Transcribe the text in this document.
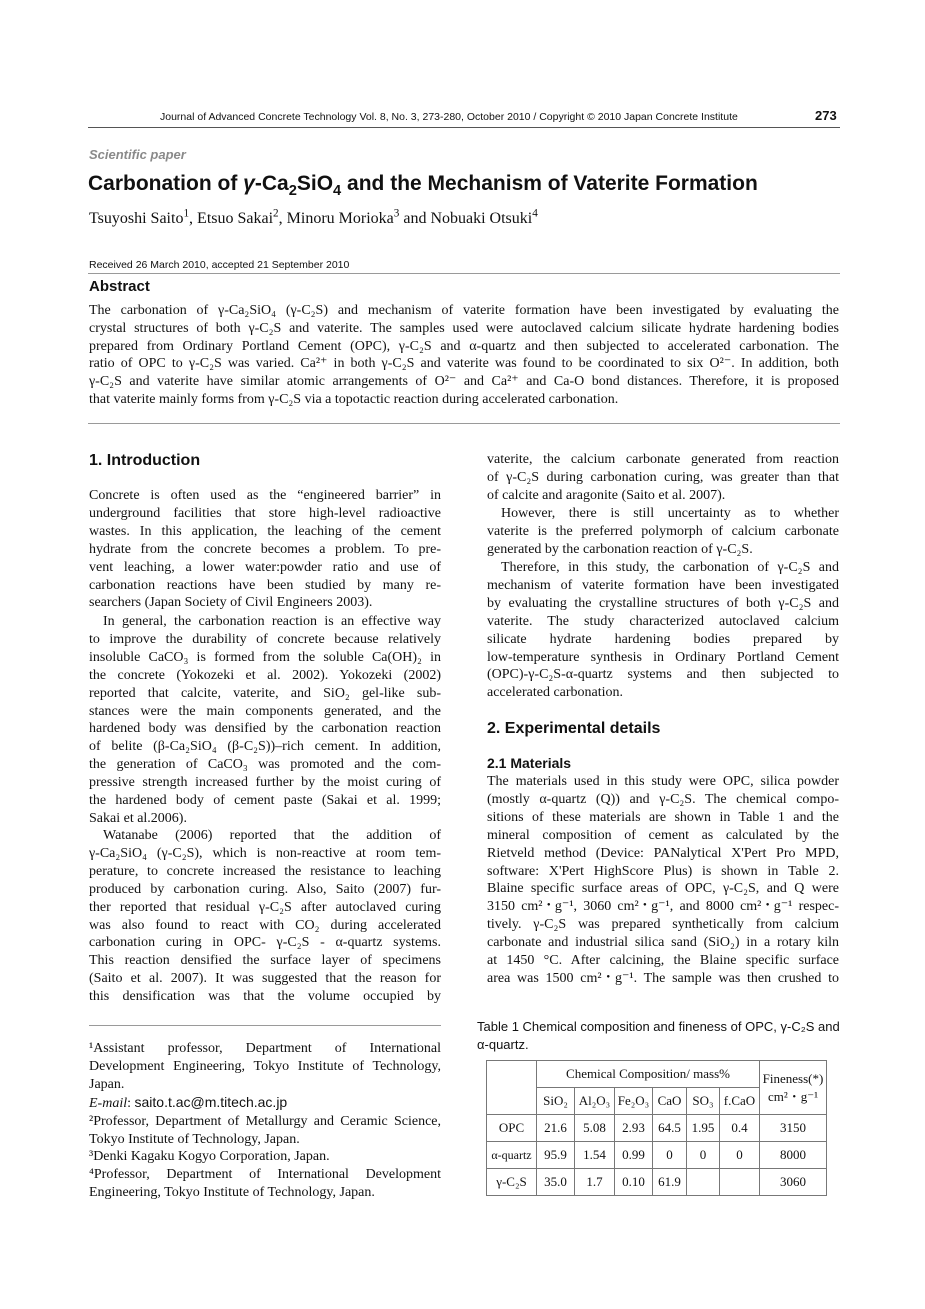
Journal of Advanced Concrete Technology Vol. 8, No. 3, 273-280, October 2010 / Copyright © 2010 Japan Concrete Institute	273
Scientific paper
Carbonation of $\gamma-Ca_2SiO_4$ and the Mechanism of Vaterite Formation
Tsuyoshi Saito$^1$, Etsuo Sakai$^2$, Minoru Morioka$^3$ and Nobuaki Otsuki$^4$
Received 26 March 2010, accepted 21 September 2010
Abstract
The carbonation of γ-Ca₂SiO₄ (γ-C₂S) and mechanism of vaterite formation have been investigated by evaluating the
crystal structures of both γ-C₂S and vaterite. The samples used were autoclaved calcium silicate hydrate hardening bodies
prepared from Ordinary Portland Cement (OPC), γ-C₂S and α-quartz and then subjected to accelerated carbonation. The
ratio of OPC to γ-C₂S was varied. Ca²⁺ in both γ-C₂S and vaterite was found to be coordinated to six O²⁻. In addition, both
γ-C₂S and vaterite have similar atomic arrangements of O²⁻ and Ca²⁺ and Ca-O bond distances. Therefore, it is proposed
that vaterite mainly forms from γ-C₂S via a topotactic reaction during accelerated carbonation.
1. Introduction
Concrete is often used as the “engineered barrier” in
underground facilities that store high-level radioactive
wastes. In this application, the leaching of the cement
hydrate from the concrete becomes a problem. To pre-
vent leaching, a lower water:powder ratio and use of
carbonation reactions have been studied by many re-
searchers (Japan Society of Civil Engineers 2003).
In general, the carbonation reaction is an effective way
to improve the durability of concrete because relatively
insoluble CaCO₃ is formed from the soluble Ca(OH)₂ in
the concrete (Yokozeki et al. 2002). Yokozeki (2002)
reported that calcite, vaterite, and SiO₂ gel-like sub-
stances were the main components generated, and the
hardened body was densified by the carbonation reaction
of belite (β-Ca₂SiO₄ (β-C₂S))–rich cement. In addition,
the generation of CaCO₃ was promoted and the com-
pressive strength increased further by the moist curing of
the hardened body of cement paste (Sakai et al. 1999;
Sakai et al.2006).
Watanabe (2006) reported that the addition of
γ-Ca₂SiO₄ (γ-C₂S), which is non-reactive at room tem-
perature, to concrete increased the resistance to leaching
produced by carbonation curing. Also, Saito (2007) fur-
ther reported that residual γ-C₂S after autoclaved curing
was also found to react with CO₂ during accelerated
carbonation curing in OPC- γ-C₂S - α-quartz systems.
This reaction densified the surface layer of specimens
(Saito et al. 2007). It was suggested that the reason for
this densification was that the volume occupied by
¹Assistant professor, Department of International Development Engineering, Tokyo Institute of Technology, Japan.
E-mail: saito.t.ac@m.titech.ac.jp
²Professor, Department of Metallurgy and Ceramic Science, Tokyo Institute of Technology, Japan.
³Denki Kagaku Kogyo Corporation, Japan.
⁴Professor, Department of International Development Engineering, Tokyo Institute of Technology, Japan.
vaterite, the calcium carbonate generated from reaction
of γ-C₂S during carbonation curing, was greater than that
of calcite and aragonite (Saito et al. 2007).
However, there is still uncertainty as to whether
vaterite is the preferred polymorph of calcium carbonate
generated by the carbonation reaction of γ-C₂S.
Therefore, in this study, the carbonation of γ-C₂S and
mechanism of vaterite formation have been investigated
by evaluating the crystalline structures of both γ-C₂S and
vaterite. The study characterized autoclaved calcium
silicate hydrate hardening bodies prepared by
low-temperature synthesis in Ordinary Portland Cement
(OPC)-γ-C₂S-α-quartz systems and then subjected to
accelerated carbonation.
2. Experimental details
2.1 Materials
The materials used in this study were OPC, silica powder
(mostly α-quartz (Q)) and γ-C₂S. The chemical compo-
sitions of these materials are shown in Table 1 and the
mineral composition of cement as calculated by the
Rietveld method (Device: PANalytical X'Pert Pro MPD,
software: X'Pert HighScore Plus) is shown in Table 2.
Blaine specific surface areas of OPC, γ-C₂S, and Q were
3150 cm²･g⁻¹, 3060 cm²･g⁻¹, and 8000 cm²･g⁻¹ respec-
tively. γ-C₂S was prepared synthetically from calcium
carbonate and industrial silica sand (SiO₂) in a rotary kiln
at 1450 °C. After calcining, the Blaine specific surface
area was 1500 cm²･g⁻¹. The sample was then crushed to
Table 1 Chemical composition and fineness of OPC, γ-C₂S and α-quartz.
	Chemical Composition/ mass%						Fineness(*)
cm² ･ g⁻¹
	SiO₂	Al₂O₃	Fe₂O₃	CaO	SO₃	f.CaO	
OPC	21.6	5.08	2.93	64.5	1.95	0.4	3150
α-quartz	95.9	1.54	0.99	0	0	0	8000
γ-C₂S	35.0	1.7	0.10	61.9			3060
